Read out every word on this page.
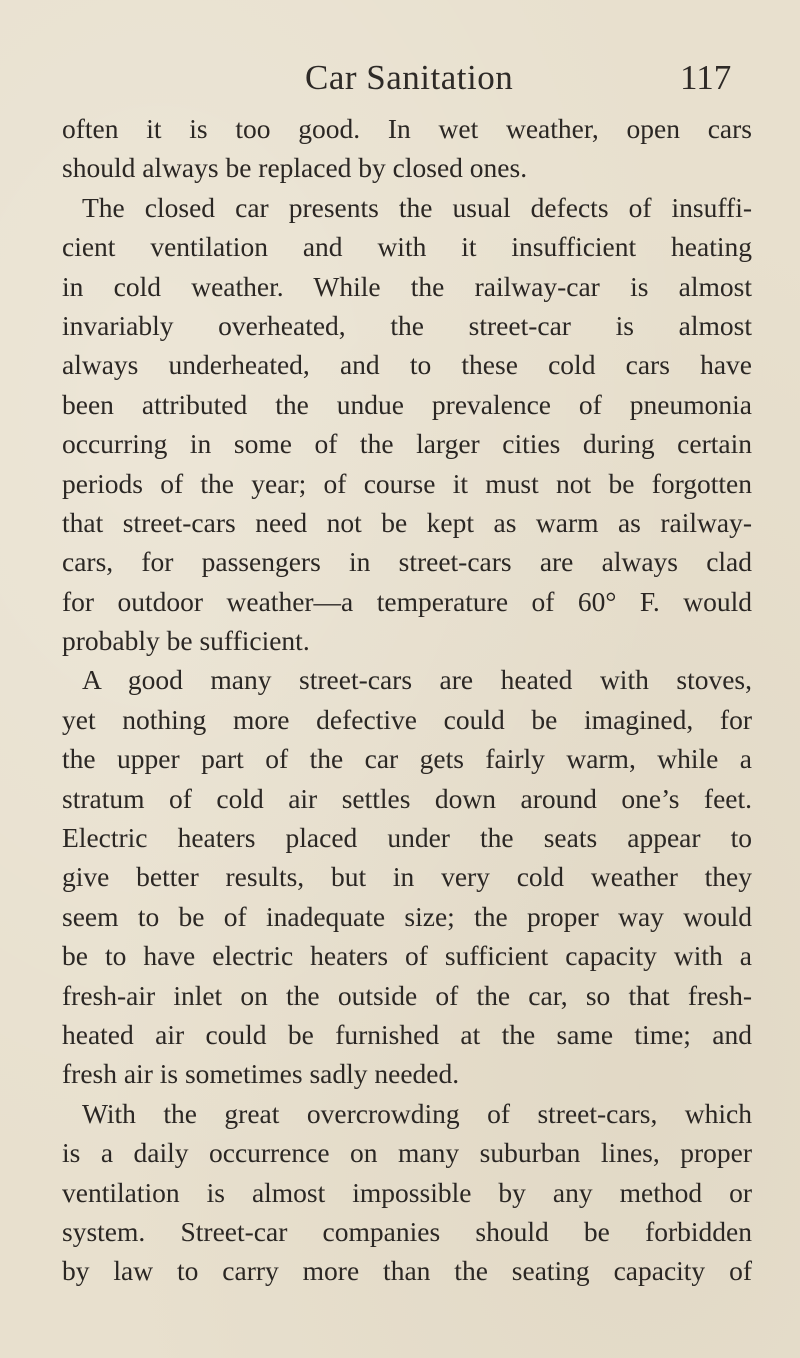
Car Sanitation	117
often it is too good. In wet weather, open cars
should always be replaced by closed ones.
The closed car presents the usual defects of insuffi-
cient ventilation and with it insufficient heating
in cold weather. While the railway-car is almost
invariably overheated, the street-car is almost
always underheated, and to these cold cars have
been attributed the undue prevalence of pneumonia
occurring in some of the larger cities during certain
periods of the year; of course it must not be forgotten
that street-cars need not be kept as warm as railway-
cars, for passengers in street-cars are always clad
for outdoor weather—a temperature of 60° F. would
probably be sufficient.
A good many street-cars are heated with stoves,
yet nothing more defective could be imagined, for
the upper part of the car gets fairly warm, while a
stratum of cold air settles down around one’s feet.
Electric heaters placed under the seats appear to
give better results, but in very cold weather they
seem to be of inadequate size; the proper way would
be to have electric heaters of sufficient capacity with a
fresh-air inlet on the outside of the car, so that fresh-
heated air could be furnished at the same time; and
fresh air is sometimes sadly needed.
With the great overcrowding of street-cars, which
is a daily occurrence on many suburban lines, proper
ventilation is almost impossible by any method or
system. Street-car companies should be forbidden
by law to carry more than the seating capacity of
